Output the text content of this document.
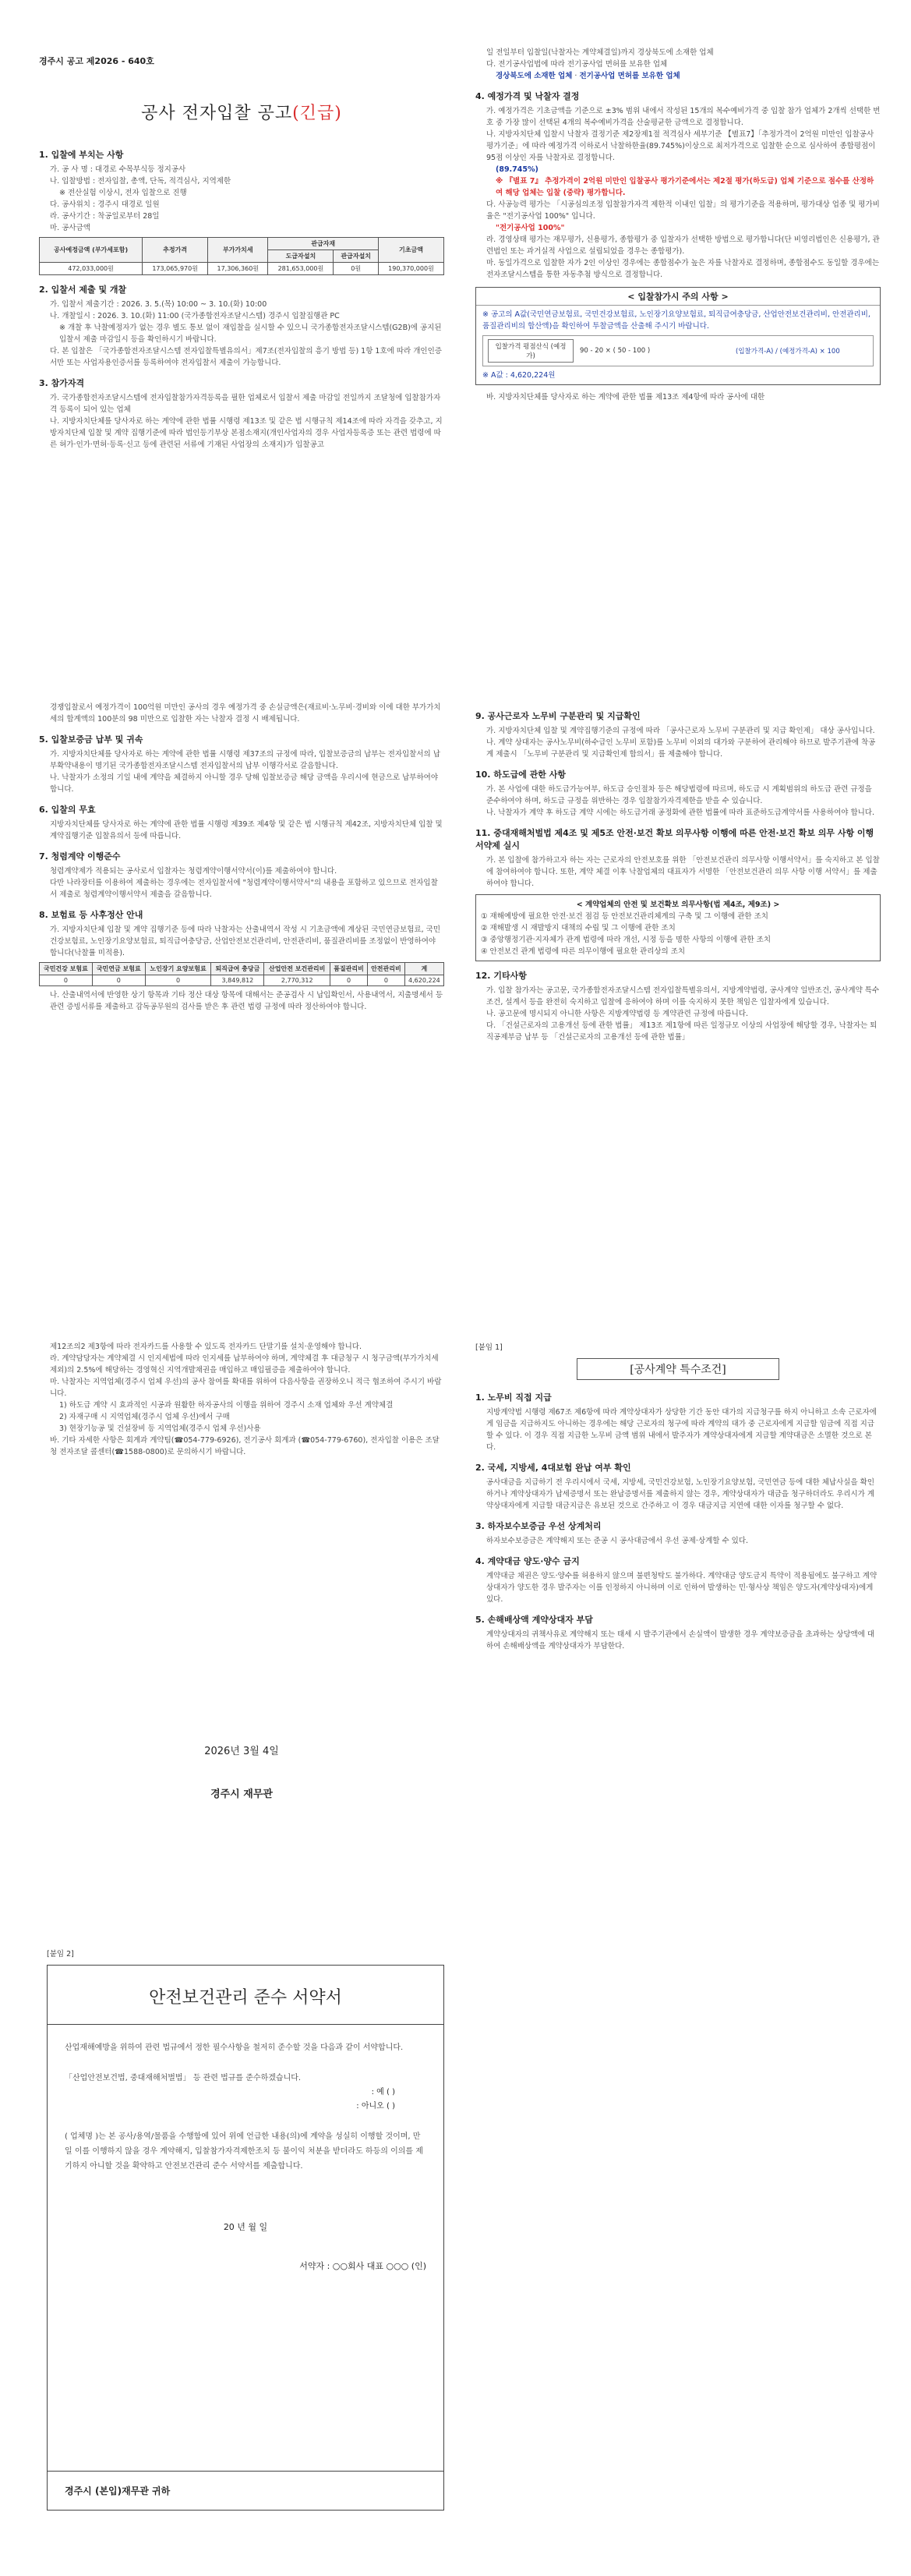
경주시 공고 제2026 - 640호
공사 전자입찰 공고(긴급)
1. 입찰에 부치는 사항
가. 공 사 명 : 대경로 수목부식등 정지공사
나. 입찰방법 : 전자입찰, 총액, 단독, 적격심사, 지역제한
※ 전산실험 이상시, 전자 입찰으로 진행
다. 공사위치 : 경주시 대경로 일원
라. 공사기간 : 착공일로부터 28일
마. 공사금액
공사예정금액 (부가세포함)	추정가격	부가가치세	관급자재		기초금액
			도급자설치	관급자설치	
472,033,000원	173,065,970원	17,306,360원	281,653,000원	0원	190,370,000원
2. 입찰서 제출 및 개찰
가. 입찰서 제출기간 : 2026. 3. 5.(목) 10:00 ~ 3. 10.(화) 10:00
나. 개찰일시 : 2026. 3. 10.(화) 11:00 (국가종합전자조달시스템) 경주시 입찰집행관 PC
※ 개찰 후 낙찰예정자가 없는 경우 별도 통보 없이 재입찰을 실시할 수 있으니 국가종합전자조달시스템(G2B)에 공지된 입찰서 제출 마감일시 등을 확인하시기 바랍니다.
다. 본 입찰은 「국가종합전자조달시스템 전자입찰특별유의서」제7조(전자입찰의 흥기 방법 등) 1항 1호에 따라 개인인증서만 또는 사업자용인증서를 등록하여야 전자입찰서 제출이 가능합니다.
3. 참가자격
가. 국가종합전자조달시스템에 전자입찰참가자격등록을 필한 업체로서 입찰서 제출 마감일 전일까지 조달청에 입찰참가자격 등록이 되어 있는 업체
나. 지방자치단체를 당사자로 하는 계약에 관한 법률 시행령 제13조 및 같은 법 시행규칙 제14조에 따라 자격을 갖추고, 지방자치단체 입찰 및 계약 집행기준에 따라 법인등기부상 본점소재지(개인사업자의 경우 사업자등록증 또는 관련 법령에 따른 허가·인가·면허·등록·신고 등에 관련된 서류에 기재된 사업장의 소재지)가 입찰공고
일 전일부터 입찰일(낙찰자는 계약체결일)까지 경상북도에 소재한 업체
다. 전기공사업법에 따라 전기공사업 면허를 보유한 업체
경상북도에 소재한 업체 · 전기공사업 면허를 보유한 업체
4. 예정가격 및 낙찰자 결정
가. 예정가격은 기초금액을 기준으로 ±3% 범위 내에서 작성된 15개의 복수예비가격 중 입찰 참가 업체가 2개씩 선택한 번호 중 가장 많이 선택된 4개의 복수예비가격을 산술평균한 금액으로 결정합니다.
나. 지방자치단체 입찰시 낙찰자 결정기준 제2장제1절 적격심사 세부기준 【별표7】「추정가격이 2억원 미만인 입찰공사 평가기준」에 따라 예정가격 이하로서 낙찰하한율(89.745%)이상으로 최저가격으로 입찰한 순으로 심사하여 종합평점이 95점 이상인 자를 낙찰자로 결정합니다.
(89.745%)
※ 『별표 7』 추정가격이 2억원 미만인 입찰공사 평가기준에서는 제2절 평가(하도급) 업체 기준으로 점수를 산정하여 해당 업체는 입찰 (중략) 평가합니다.
다. 사공능력 평가는 「시공심의조정 입찰참가자격 제한적 이내인 입찰」의 평가기준을 적용하며, 평가대상 업종 및 평가비율은 "전기공사업 100%" 입니다.
"전기공사업 100%"
라. 경영상태 평가는 재무평가, 신용평가, 종합평가 중 입찰자가 선택한 방법으로 평가합니다(단 비영리법인은 신용평가, 관련법인 또는 과거실적 사업으로 설립되었을 경우는 종합평가).
마. 동일가격으로 입찰한 자가 2인 이상인 경우에는 종합점수가 높은 자를 낙찰자로 결정하며, 종합점수도 동일할 경우에는 전자조달시스템을 통한 자동추첨 방식으로 결정합니다.
< 입찰참가시 주의 사항 >
※ 공고의 A값(국민연금보험료, 국민건강보험료, 노인장기요양보험료, 퇴직급여충당금, 산업안전보건관리비, 안전관리비, 품질관리비의 합산액)을 확인하여 투찰금액을 산출해 주시기 바랍니다.
입찰가격 평점산식 (예정가)
90 - 20 × ( 50 - 100 )	(입찰가격-A) / (예정가격-A) × 100
※ A값 : 4,620,224원
바. 지방자치단체를 당사자로 하는 계약에 관한 법률 제13조 제4항에 따라 공사에 대한
경쟁입찰로서 예정가격이 100억원 미만인 공사의 경우 예정가격 중 손실금액은(재료비·노무비·경비와 이에 대한 부가가치세의 합계액의 100분의 98 미만으로 입찰한 자는 낙찰자 결정 시 배제됩니다.
5. 입찰보증금 납부 및 귀속
가. 지방자치단체를 당사자로 하는 계약에 관한 법률 시행령 제37조의 규정에 따라, 입찰보증금의 납부는 전자입찰서의 납부확약내용이 명기된 국가종합전자조달시스템 전자입찰서의 납부 이행각서로 갈음합니다.
나. 낙찰자가 소정의 기일 내에 계약을 체결하지 아니할 경우 당해 입찰보증금 해당 금액을 우리시에 현금으로 납부하여야 합니다.
6. 입찰의 무효
지방자치단체를 당사자로 하는 계약에 관한 법률 시행령 제39조 제4항 및 같은 법 시행규칙 제42조, 지방자치단체 입찰 및 계약집행기준 입찰유의서 등에 따릅니다.
7. 청렴계약 이행준수
청렴계약제가 적용되는 공사로서 입찰자는 청렴계약이행서약서(이)를 제출하여야 합니다.
다만 나라장터를 이용하여 제출하는 경우에는 전자입찰서에 "청렴계약이행서약서"의 내용을 포함하고 있으므로 전자입찰서 제출로 청렴계약이행서약서 제출을 갈음합니다.
8. 보험료 등 사후정산 안내
가. 지방자치단체 입찰 및 계약 집행기준 등에 따라 낙찰자는 산출내역서 작성 시 기초금액에 계상된 국민연금보험료, 국민건강보험료, 노인장기요양보험료, 퇴직급여충당금, 산업안전보건관리비, 안전관리비, 품질관리비를 조정없이 반영하여야 합니다(낙찰률 미적용).
국민건강 보험료	국민연금 보험료	노인장기 요양보험료	퇴직급여 충당금	산업안전 보건관리비	품질관리비	안전관리비	계
0	0	0	3,849,812	2,770,312	0	0	4,620,224
나. 산출내역서에 반영한 상기 항목과 기타 정산 대상 항목에 대해서는 준공검사 시 납입확인서, 사용내역서, 지출명세서 등 관련 증빙서류를 제출하고 감독공무원의 검사를 받은 후 관련 법령 규정에 따라 정산하여야 합니다.
9. 공사근로자 노무비 구분관리 및 지급확인
가. 지방자치단체 입찰 및 계약집행기준의 규정에 따라 「공사근로자 노무비 구분관리 및 지급 확인제」 대상 공사입니다.
나. 계약 상대자는 공사노무비(하수급인 노무비 포함)를 노무비 이외의 대가와 구분하여 관리해야 하므로 발주기관에 착공계 제출시 「노무비 구분관리 및 지급확인제 합의서」를 제출해야 합니다.
10. 하도급에 관한 사항
가. 본 사업에 대한 하도급가능여부, 하도급 승인절차 등은 해당법령에 따르며, 하도급 시 계획범위의 하도급 관련 규정을 준수하여야 하며, 하도급 규정을 위반하는 경우 입찰참가자격제한을 받을 수 있습니다.
나. 낙찰자가 계약 후 하도급 계약 시에는 하도급거래 공정화에 관한 법률에 따라 표준하도급계약서를 사용하여야 합니다.
11. 중대재해처벌법 제4조 및 제5조 안전·보건 확보 의무사항 이행에 따른 안전·보건 확보 의무 사항 이행 서약제 실시
가. 본 입찰에 참가하고자 하는 자는 근로자의 안전보호를 위한 「안전보건관리 의무사항 이행서약서」를 숙지하고 본 입찰에 참여하여야 합니다. 또한, 계약 체결 이후 낙찰업체의 대표자가 서명한 「안전보건관리 의무 사항 이행 서약서」를 제출하여야 합니다.
< 계약업체의 안전 및 보건확보 의무사항(법 제4조, 제9조) >
① 재해예방에 필요한 안전·보건 점검 등 안전보건관리체계의 구축 및 그 이행에 관한 조치
② 재해발생 시 재발방지 대책의 수립 및 그 이행에 관한 조치
③ 중앙행정기관·지자체가 관계 법령에 따라 개선, 시정 등을 명한 사항의 이행에 관한 조치
④ 안전보건 관계 법령에 따른 의무이행에 필요한 관리상의 조치
12. 기타사항
가. 입찰 참가자는 공고문, 국가종합전자조달시스템 전자입찰특별유의서, 지방계약법령, 공사계약 일반조건, 공사계약 특수조건, 설계서 등을 완전히 숙지하고 입찰에 응하여야 하며 이를 숙지하지 못한 책임은 입찰자에게 있습니다.
나. 공고문에 명시되지 아니한 사항은 지방계약법령 등 계약관련 규정에 따릅니다.
다. 「건설근로자의 고용개선 등에 관한 법률」 제13조 제1항에 따른 일정규모 이상의 사업장에 해당할 경우, 낙찰자는 퇴직공제부금 납부 등 「건설근로자의 고용개선 등에 관한 법률」
제12조의2 제3항에 따라 전자카드를 사용할 수 있도록 전자카드 단말기를 설치·운영해야 합니다.
라. 계약담당자는 계약체결 시 인지세법에 따라 인지세를 납부하여야 하며, 계약체결 후 대금청구 시 청구금액(부가가치세 제외)의 2.5%에 해당하는 경영혁신 지역개발채권을 매입하고 매입필증을 제출하여야 합니다.
마. 낙찰자는 지역업체(경주시 업체 우선)의 공사 참여를 확대를 위하여 다음사항을 권장하오니 적극 협조하여 주시기 바랍니다.
1) 하도급 계약 시 효과적인 시공과 원활한 하자공사의 이행을 위하여 경주시 소재 업체와 우선 계약체결
2) 자재구매 시 지역업체(경주시 업체 우선)에서 구매
3) 현장기능공 및 건설장비 등 지역업체(경주시 업체 우선)사용
바. 기타 자세한 사항은 회계과 계약팀(☎054-779-6926), 전기공사 회계과 (☎054-779-6760), 전자입찰 이용은 조달청 전자조달 콜센터(☎1588-0800)로 문의하시기 바랍니다.
2026년 3월 4일
경주시 재무관
[붙임 1]
[공사계약 특수조건]
1. 노무비 직접 지급
지방계약법 시행령 제67조 제6항에 따라 계약상대자가 상당한 기간 동안 대가의 지급청구를 하지 아니하고 소속 근로자에게 임금을 지급하지도 아니하는 경우에는 해당 근로자의 청구에 따라 계약의 대가 중 근로자에게 지급할 임금에 직접 지급할 수 있다. 이 경우 직접 지급한 노무비 금액 범위 내에서 발주자가 계약상대자에게 지급할 계약대금은 소멸한 것으로 본다.
2. 국세, 지방세, 4대보험 완납 여부 확인
공사대금을 지급하기 전 우리시에서 국세, 지방세, 국민건강보험, 노인장기요양보험, 국민연금 등에 대한 체납사실을 확인하거나 계약상대자가 납세증명서 또는 완납증명서를 제출하지 않는 경우, 계약상대자가 대금을 청구하더라도 우리시가 계약상대자에게 지급할 대금지급은 유보된 것으로 간주하고 이 경우 대금지급 지연에 대한 이자를 청구할 수 없다.
3. 하자보수보증금 우선 상계처리
하자보수보증금은 계약해지 또는 준공 시 공사대금에서 우선 공제·상계할 수 있다.
4. 계약대금 양도·양수 금지
계약대금 채권은 양도·양수를 허용하지 않으며 불편청탁도 불가하다. 계약대금 양도금지 특약이 적용됨에도 불구하고 계약상대자가 양도한 경우 발주자는 이를 인정하지 아니하며 이로 인하여 발생하는 민·형사상 책임은 양도자(계약상대자)에게 있다.
5. 손해배상액 계약상대자 부담
계약상대자의 귀책사유로 계약해지 또는 태세 시 발주기관에서 손실액이 발생한 경우 계약보증금을 초과하는 상당액에 대하여 손해배상액을 계약상대자가 부담한다.
[붙임 2]
안전보건관리 준수 서약서

산업재해예방을 위하여 관련 법규에서 정한 필수사항을 철저히 준수할 것을 다음과 같이 서약합니다.

「산업안전보건법, 중대재해처벌법」 등 관련 법규를 준수하겠습니다.

: 예 ( )
: 아니오 ( )

( 업체명 )는 본 공사/용역/물품을 수행함에 있어 위에 언급한 내용(의)에 계약을 성실히 이행할 것이며, 만일 이를 이행하지 않을 경우 계약해지, 입찰참가자격제한조치 등 불이익 처분을 받더라도 하등의 이의를 제기하지 아니할 것을 확약하고 안전보건관리 준수 서약서를 제출합니다.

20 년 월 일
서약자 : ○○회사 대표 ○○○ (인)
경주시 (본입)재무관 귀하
